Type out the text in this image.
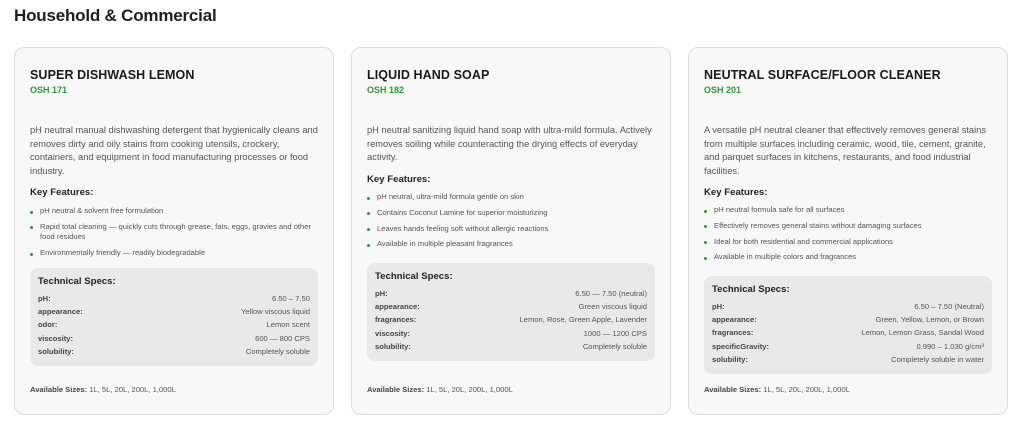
Household & Commercial
SUPER DISHWASH LEMON
OSH 171
pH neutral manual dishwashing detergent that hygienically cleans and removes dirty and oily stains from cooking utensils, crockery, containers, and equipment in food manufacturing processes or food industry.
Key Features:
pH neutral & solvent free formulation
Rapid total cleaning — quickly cuts through grease, fats, eggs, gravies and other food residues
Environmentally friendly — readily biodegradable
Technical Specs:
pH:	6.50 – 7.50
appearance:	Yellow viscous liquid
odor:	Lemon scent
viscosity:	600 — 800 CPS
solubility:	Completely soluble
Available Sizes: 1L, 5L, 20L, 200L, 1,000L
LIQUID HAND SOAP
OSH 182
pH neutral sanitizing liquid hand soap with ultra-mild formula. Actively removes soiling while counteracting the drying effects of everyday activity.
Key Features:
pH neutral, ultra-mild formula gentle on skin
Contains Coconut Lamine for superior moisturizing
Leaves hands feeling soft without allergic reactions
Available in multiple pleasant fragrances
Technical Specs:
pH:	6.50 — 7.50 (neutral)
appearance:	Green viscous liquid
fragrances:	Lemon, Rose, Green Apple, Lavender
viscosity:	1000 — 1200 CPS
solubility:	Completely soluble
Available Sizes: 1L, 5L, 20L, 200L, 1,000L
NEUTRAL SURFACE/FLOOR CLEANER
OSH 201
A versatile pH neutral cleaner that effectively removes general stains from multiple surfaces including ceramic, wood, tile, cement, granite, and parquet surfaces in kitchens, restaurants, and food industrial facilities.
Key Features:
pH neutral formula safe for all surfaces
Effectively removes general stains without damaging surfaces
Ideal for both residential and commercial applications
Available in multiple colors and fragrances
Technical Specs:
pH:	6.50 – 7.50 (Neutral)
appearance:	Green, Yellow, Lemon, or Brown
fragrances:	Lemon, Lemon Grass, Sandal Wood
specificGravity:	0.990 – 1.030 g/cm³
solubility:	Completely soluble in water
Available Sizes: 1L, 5L, 20L, 200L, 1,000L
